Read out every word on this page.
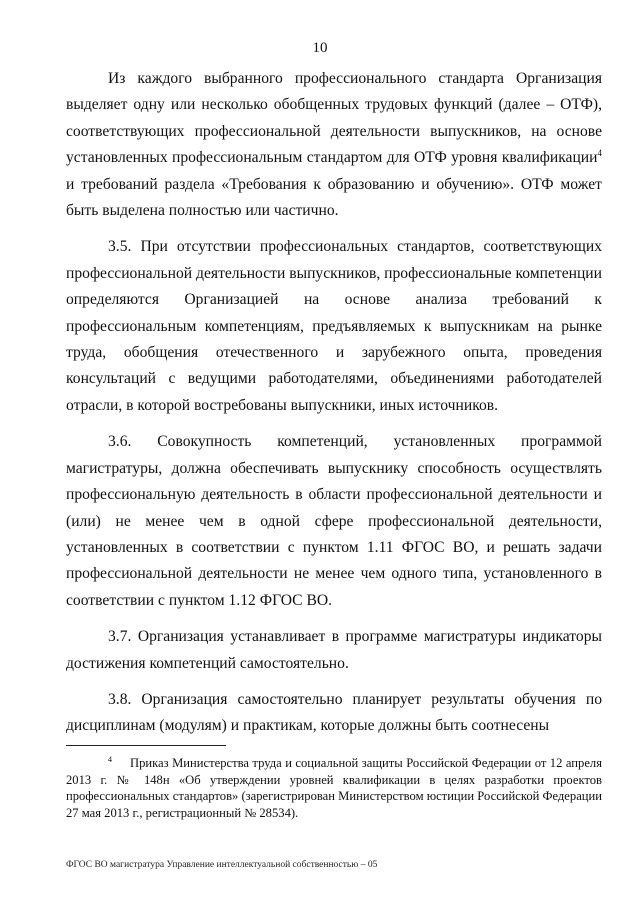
10

Из каждого выбранного профессионального стандарта Организация выделяет одну или несколько обобщенных трудовых функций (далее – ОТФ), соответствующих профессиональной деятельности выпускников, на основе установленных профессиональным стандартом для ОТФ уровня квалификации$^4$ и требований раздела «Требования к образованию и обучению». ОТФ может быть выделена полностью или частично.

3.5. При отсутствии профессиональных стандартов, соответствующих профессиональной деятельности выпускников, профессиональные компетенции определяются Организацией на основе анализа требований к профессиональным компетенциям, предъявляемых к выпускникам на рынке труда, обобщения отечественного и зарубежного опыта, проведения консультаций с ведущими работодателями, объединениями работодателей отрасли, в которой востребованы выпускники, иных источников.

3.6. Совокупность компетенций, установленных программой магистратуры, должна обеспечивать выпускнику способность осуществлять профессиональную деятельность в области профессиональной деятельности и (или) не менее чем в одной сфере профессиональной деятельности, установленных в соответствии с пунктом 1.11 ФГОС ВО, и решать задачи профессиональной деятельности не менее чем одного типа, установленного в соответствии с пунктом 1.12 ФГОС ВО.

3.7. Организация устанавливает в программе магистратуры индикаторы достижения компетенций самостоятельно.

3.8. Организация самостоятельно планирует результаты обучения по дисциплинам (модулям) и практикам, которые должны быть соотнесены

$^4$ Приказ Министерства труда и социальной защиты Российской Федерации от 12 апреля 2013 г. № 148н «Об утверждении уровней квалификации в целях разработки проектов профессиональных стандартов» (зарегистрирован Министерством юстиции Российской Федерации 27 мая 2013 г., регистрационный № 28534).
ФГОС ВО магистратура Управление интеллектуальной собственностью – 05
